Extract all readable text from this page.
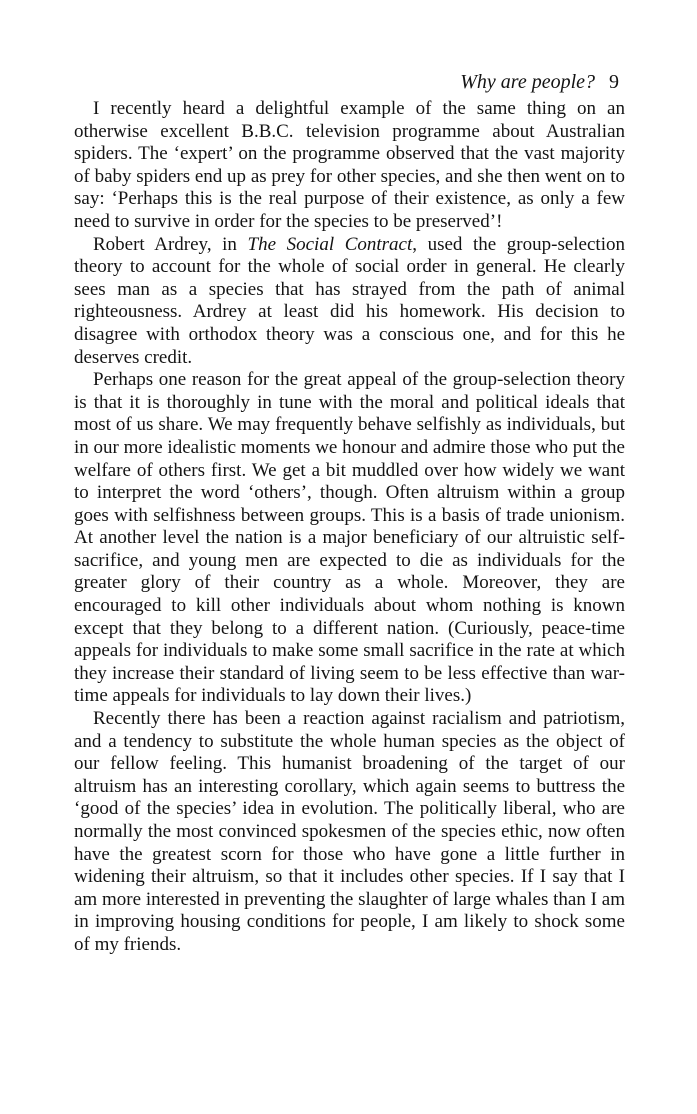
Why are people? 9

I recently heard a delightful example of the same thing on an otherwise excellent B.B.C. television programme about Australian spiders. The ‘expert’ on the programme observed that the vast majority of baby spiders end up as prey for other species, and she then went on to say: ‘Perhaps this is the real purpose of their existence, as only a few need to survive in order for the species to be preserved’!

Robert Ardrey, in The Social Contract, used the group-selection theory to account for the whole of social order in general. He clearly sees man as a species that has strayed from the path of animal righteousness. Ardrey at least did his homework. His decision to disagree with orthodox theory was a conscious one, and for this he deserves credit.

Perhaps one reason for the great appeal of the group-selection theory is that it is thoroughly in tune with the moral and political ideals that most of us share. We may frequently behave selfishly as individuals, but in our more idealistic moments we honour and admire those who put the welfare of others first. We get a bit muddled over how widely we want to interpret the word ‘others’, though. Often altruism within a group goes with selfishness between groups. This is a basis of trade unionism. At another level the nation is a major beneficiary of our altruistic self-sacrifice, and young men are expected to die as individuals for the greater glory of their country as a whole. Moreover, they are encouraged to kill other individuals about whom nothing is known except that they belong to a different nation. (Curiously, peace-time appeals for individuals to make some small sacrifice in the rate at which they increase their standard of living seem to be less effective than war-time appeals for individuals to lay down their lives.)

Recently there has been a reaction against racialism and patriotism, and a tendency to substitute the whole human species as the object of our fellow feeling. This humanist broadening of the target of our altruism has an interesting corollary, which again seems to buttress the ‘good of the species’ idea in evolution. The politically liberal, who are normally the most convinced spokesmen of the species ethic, now often have the greatest scorn for those who have gone a little further in widening their altruism, so that it includes other species. If I say that I am more interested in preventing the slaughter of large whales than I am in improving housing conditions for people, I am likely to shock some of my friends.
